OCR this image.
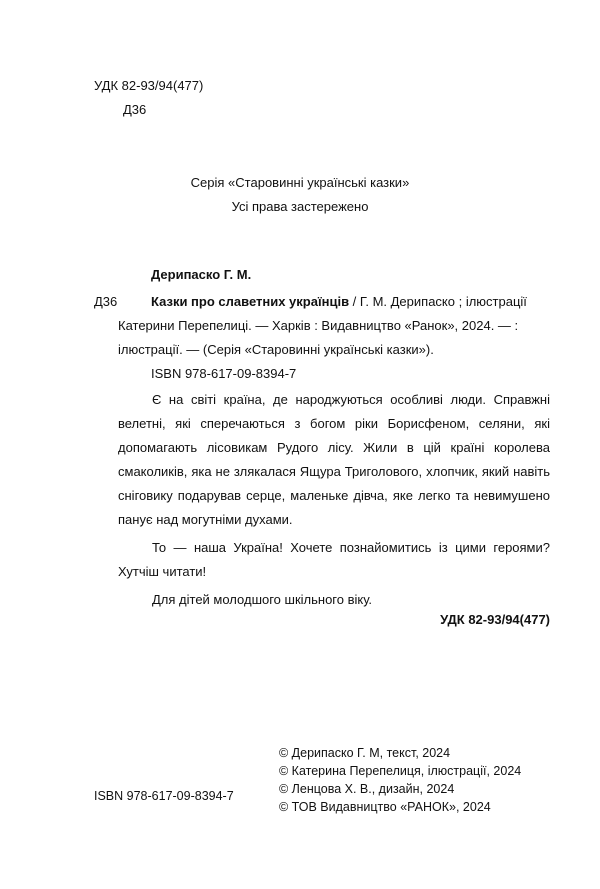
УДК 82-93/94(477)
Д36
Серія «Старовинні українські казки»
Усі права застережено
Дерипаско Г. М.
Д36	Казки про славетних українців / Г. М. Дерипаско ; ілюстрації
Катерини Перепелиці. — Харків : Видавництво «Ранок», 2024. — :
ілюстрації. — (Серія «Старовинні українські казки»).
ISBN 978-617-09-8394-7

Є на світі країна, де народжуються особливі люди. Справжні велетні, які сперечаються з богом ріки Борисфеном, селяни, які допомагають лісовикам Рудого лісу. Жили в цій країні королева смаколиків, яка не злякалася Ящура Триголового, хлопчик, який навіть сніговику подарував серце, маленьке дівча, яке легко та невимушено панує над могутніми духами.

То — наша Україна! Хочете познайомитись із цими героями? Хутчіш читати!

Для дітей молодшого шкільного віку.

УДК 82-93/94(477)
ISBN 978-617-09-8394-7
© Дерипаско Г. М, текст, 2024
© Катерина Перепелиця, ілюстрації, 2024
© Ленцова Х. В., дизайн, 2024
© ТОВ Видавництво «РАНОК», 2024
